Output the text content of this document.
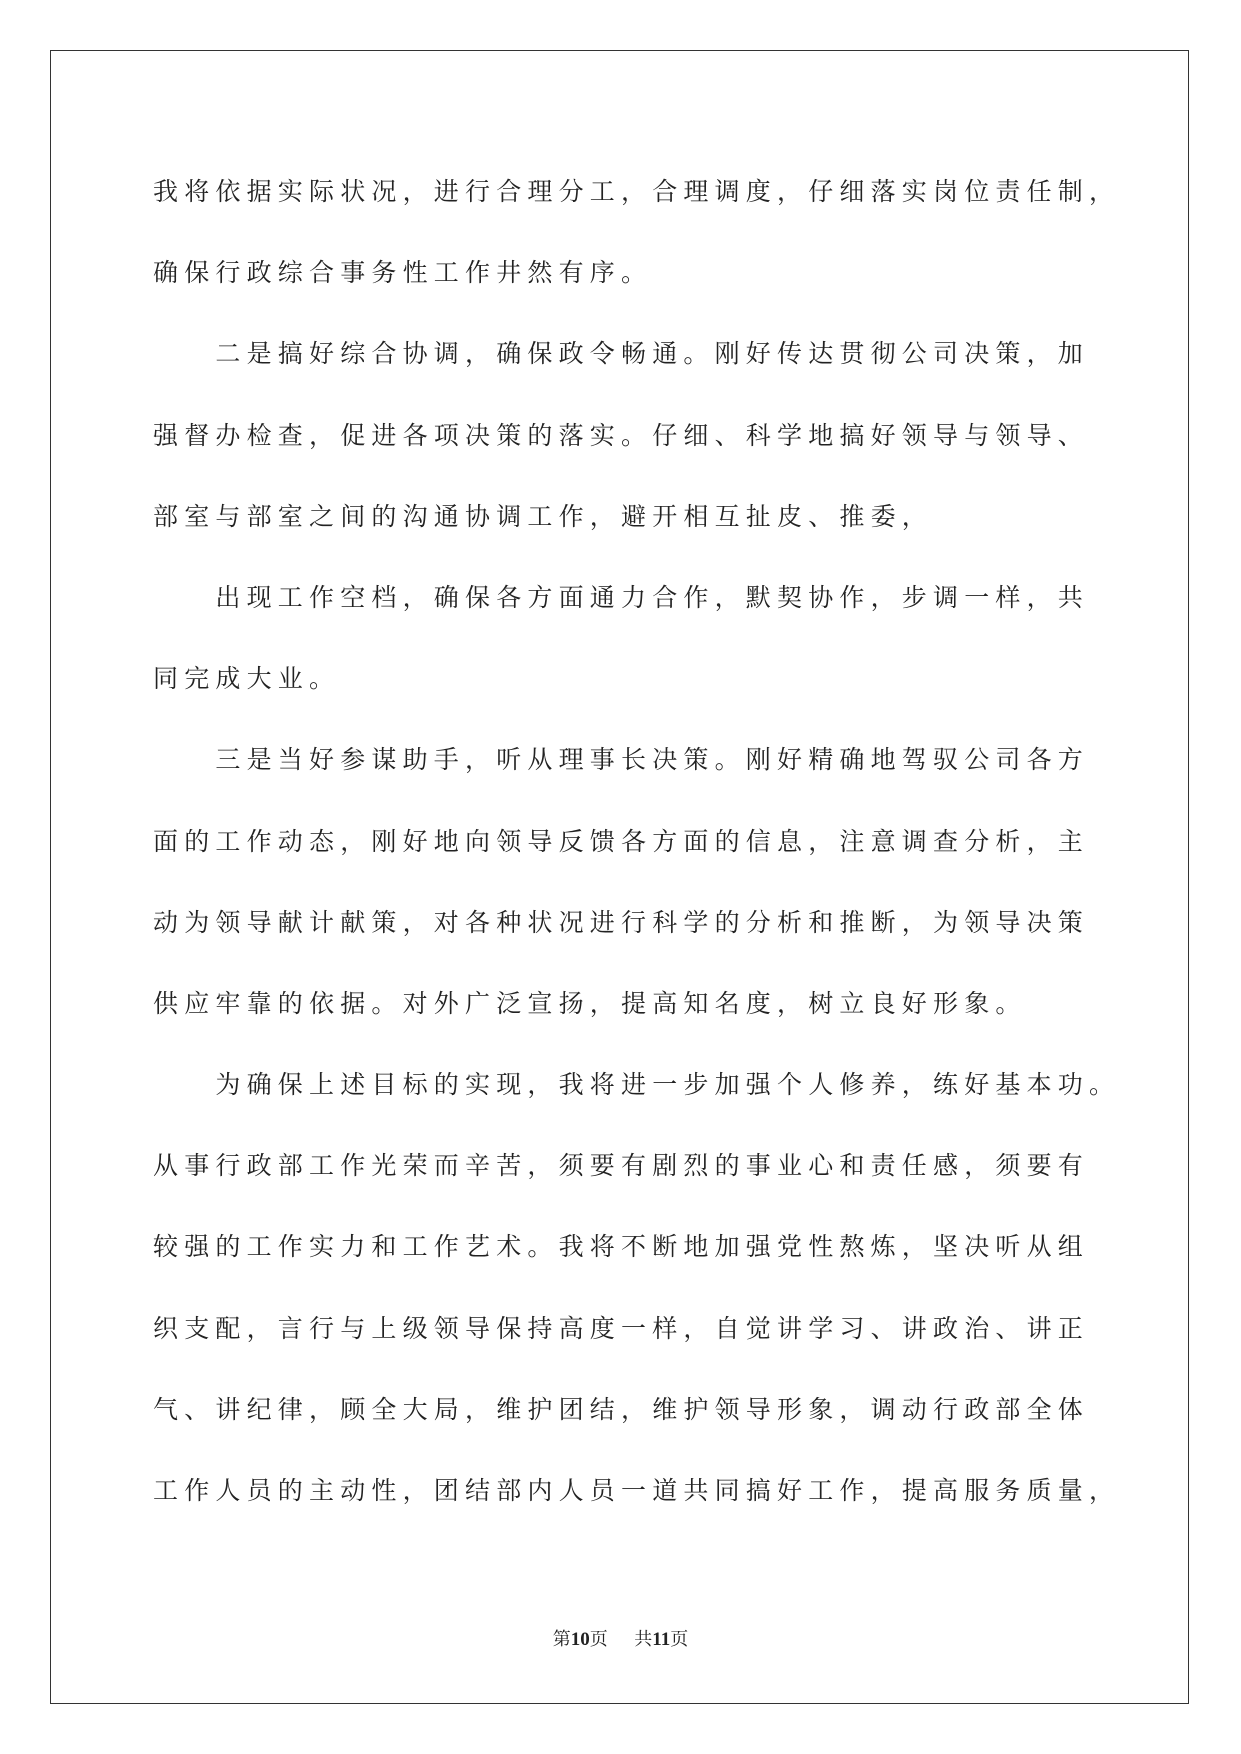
我将依据实际状况，进行合理分工，合理调度，仔细落实岗位责任制，
确保行政综合事务性工作井然有序。
二是搞好综合协调，确保政令畅通。刚好传达贯彻公司决策，加
强督办检查，促进各项决策的落实。仔细、科学地搞好领导与领导、
部室与部室之间的沟通协调工作，避开相互扯皮、推委，
出现工作空档，确保各方面通力合作，默契协作，步调一样，共
同完成大业。
三是当好参谋助手，听从理事长决策。刚好精确地驾驭公司各方
面的工作动态，刚好地向领导反馈各方面的信息，注意调查分析，主
动为领导献计献策，对各种状况进行科学的分析和推断，为领导决策
供应牢靠的依据。对外广泛宣扬，提高知名度，树立良好形象。
为确保上述目标的实现，我将进一步加强个人修养，练好基本功。
从事行政部工作光荣而辛苦，须要有剧烈的事业心和责任感，须要有
较强的工作实力和工作艺术。我将不断地加强党性熬炼，坚决听从组
织支配，言行与上级领导保持高度一样，自觉讲学习、讲政治、讲正
气、讲纪律，顾全大局，维护团结，维护领导形象，调动行政部全体
工作人员的主动性，团结部内人员一道共同搞好工作，提高服务质量，
第10页 共11页
